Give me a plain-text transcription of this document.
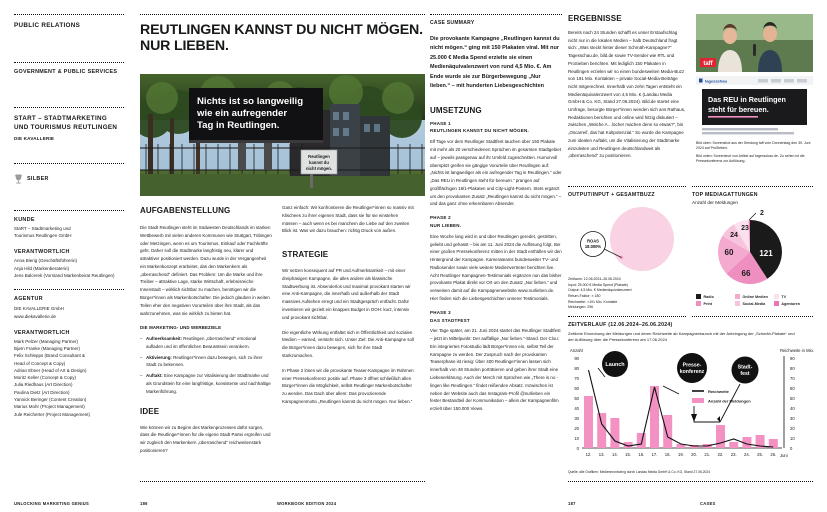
PUBLIC RELATIONS
GOVERNMENT & PUBLIC SERVICES
START – STADTMARKETING
UND TOURISMUS REUTLINGEN
DIE KAVALLERIE
SILBER
KUNDE
StaRT – Stadtmarketing und
Tourismus Reutlingen GmbH
VERANTWORTLICH
Anna Bierig (Geschäftsführerin)
Anja Hild (Markenberaterin)
Jens Balcerek (Vorstand Markenbeirat Reutlingen)
AGENTUR
DIE KAVALLERIE GmbH
www.diekavallerie.de
VERANTWORTLICH
Mark Pelzer (Managing Partner)
Bjørn Franke (Managing Partner)
Felix Schlepps (Brand Consultant &
Head of Concept & Copy)
Adrian Ebner (Head of Art & Design)
Moritz Keller (Concept & Copy)
Julia Riedhaus (Art Direction)
Paulina Dietz (Art Direction)
Yannick Beringer (Content Creation)
Marius Mohr (Project Management)
Jule Reicherter (Project Management)
REUTLINGEN KANNST DU NICHT MÖGEN. NUR LIEBEN.
Nichts ist so langweilig
wie ein aufregender
Tag in Reutlingen.
Reutlingen
kannst du
nicht mögen.
AUFGABENSTELLUNG

Die Stadt Reutlingen steht im Südwesten Deutschlands im starken Wettbewerb mit vielen anderen Kommunen wie Stuttgart, Tübingen oder Metzingen, wenn es um Tourismus, Einkauf oder Fachkräfte geht. Daher soll die Stadtmarke langfristig neu, klarer und attraktiver positioniert werden. Dazu wurde in der Vergangenheit ein Markenkonzept erarbeitet, das den Markenkern als „überraschend“ definiert. Das Problem: Um die Marke und ihre Treiber – attraktive Lage, starke Wirtschaft, erlebnisreiche Innenstadt – wirklich sichtbar zu machen, benötigen wir die Bürger*innen als Markenbotschafter. Die jedoch glauben in weiten Teilen eher den negativen Vorurteilen über ihre Stadt, als das wahrzunehmen, was sie wirklich zu bieten hat.

DIE MARKETING- UND WERBEZIELE
– Aufmerksamkeit: Reutlingen „überraschend“ emotional aufladen und im öffentlichen Bewusstsein verankern.
– Aktivierung: Reutlinger*innen dazu bewegen, sich zu ihrer Stadt zu bekennen.
– Auftakt: Eine Kampagne zur Vitalisierung der Stadtmarke und als Grundstein für eine langfristige, konsistente und nachhaltige Markenführung.
IDEE

Wie können wir zu Beginn des Markenprozesses dafür sorgen, dass die Reutlinger*innen für die eigene Stadt Partei ergreifen und wir zugleich den Markenkern „überraschend“ reichweitenstark positionieren?

Ganz einfach: Wir konfrontieren die Reutlinger*innen so massiv mit Klischees zu ihrer eigenen Stadt, dass sie für sie einstehen müssen – auch wenn es bei manchem die Liebe auf den zweiten Blick ist. Was wir dazu brauchen: richtig Druck von außen.

STRATEGIE

Wir setzen konsequent auf PR und Aufmerksamkeit – mit einer dreiphasigen Kampagne, die alles andere als klassische Stadtwerbung ist. Absenderlos und maximal provokant starten wir eine Anti-Kampagne, die innerhalb und außerhalb der Stadt massives Aufsehen erregt und ein Stadtgespräch entfacht. Dafür investieren wir gezielt ein knappes Budget in OOH: kurz, intensiv und provokant sichtbar.

Die eigentliche Wirkung entfaltet sich in Öffentlichkeit und sozialen Medien – earned, versteht sich. Unser Ziel: Die Anti-Kampagne soll die Bürger*innen dazu bewegen, sich für ihre Stadt starkzumachen.

In Phase 2 lösen wir die provokante Teaser-Kampagne im Rahmen einer Pressekonferenz positiv auf. Phase 3 öffnet schließlich allen Bürger*innen die Möglichkeit, selbst Reutlinger Markenbotschafter zu werden. Das Dach über allem: Das provozierende Kampagnenmotto „Reutlingen kannst du nicht mögen. Nur lieben.“

CASE SUMMARY
Die provokante Kampagne „Reutlingen kannst du nicht mögen.“ ging mit 150 Plakaten viral. Mit nur 25.000 € Media Spend erzielte sie einen Medienäquivalenzwert von rund 4,5 Mio. €. Am Ende wurde sie zur Bürgerbewegung „Nur lieben.“ – mit hunderten Liebesgeschichten
UMSETZUNG
PHASE 1
REUTLINGEN KANNST DU NICHT MÖGEN.

Elf Tage vor dem Reutlinger Stadtfest tauchen über 150 Plakate mit mehr als 20 verschiedenen Sprüchen im gesamten Stadtgebiet auf – jeweils passgenau auf ihr Umfeld zugeschnitten. Humorvoll überspitzt greifen sie gängige Vorurteile über Reutlingen auf: „Nichts ist langweiliger als ein aufregender Tag in Reutlingen.“ oder „Das REU in Reutlingen steht für bereuen.“ prangen auf großflächigen 18/1-Plakaten und City-Light-Postern. Stets ergänzt um den provokanten Zusatz „Reutlingen kannst du nicht mögen.“ – und das ganz ohne erkennbaren Absender.

PHASE 2
NUR LIEBEN.

Eine Woche lang wird in und über Reutlingen geredet, gestritten, geliebt und gehasst – bis am 11. Juni 2024 die Auflösung folgt. Bei einer großen Pressekonferenz mitten in der Stadt enthüllen wir den Hintergrund der Kampagne. Kamerateams bundesweiter TV- und Radiosender sowie viele weitere Medienvertreter berichten live. Acht Reutlinger Kampagnen-Testimonials ergänzen nun das bisher provokante Plakat direkt vor Ort um den Zusatz „Nur lieben.“ und verweisen damit auf die Kampagnenwebsite www.nurlieben.de. Hier finden sich die Liebesgeschichten unserer Testimonials.

PHASE 3
DAS STADTFEST

Vier Tage später, am 21. Juni 2024 startet das Reutlinger Stadtfest – jetzt im Mittelpunkt: Der auffällige „Nur lieben.“-Stand. Der Clou: Ein integriertes Fotostudio lädt Bürger*innen ein, selbst Teil der Kampagne zu werden. Der Zuspruch nach der provokanten Teaserphase ist riesig: Über 400 Reutlinger*innen lassen sich innerhalb von 48 Stunden porträtieren und geben ihrer Stadt eine Liebeserklärung. Auch der Merch mit Sprüchen wie „There is no -lingen like Reutlingen.“ findet reißenden Absatz. Inzwischen ist neben der Website auch das Instagram-Profil @nurlieben ein fester Bestandteil der Kommunikation – allein der Kampagnenfilm erzielt über 150.000 Views.

ERGEBNISSE
Bereits nach 24 Stunden schafft es unser Erstaufschlag nicht nur in die lokalen Medien – halb Deutschland fragt sich: „Was steckt hinter dieser Schmäh-Kampagne?“ Tagesschau.de, bild.de sowie TV-Sender wie RTL und ProSieben berichten. Mit lediglich 150 Plakaten in Reutlingen erzielen wir so einen bundesweiten Media-Buzz von 191 Mio. Kontakten – private Social-Media-Beiträge nicht mitgerechnet. Innerhalb von zehn Tagen entsteht ein Medienäquivalenzwert von 4,5 Mio. € (Landau Media GmbH & Co. KG, Stand 27.06.2024). Bild.de startet eine Umfrage, besorgte Bürger*innen wenden sich ans Rathaus, Redaktionen berichten und online wird hitzig diskutiert – zwischen „Welche A…löcher machen denn so etwas?“, bis „Oscarreif, das hat Kultpotenzial.“ So wurde die Kampagne zum idealen Auftakt, um die Vitalisierung der Stadtmarke einzuleiten und Reutlingen deutschlandweit als „überraschend“ zu positionieren.
taff
tagesschau
Das REU in Reutlingen
steht für bereuen.
Bild oben: Screenshot aus der Sendung taff vom Donnerstag den 30. Juni 2024 auf ProSieben.
Bild unten: Screenshot von Artikel auf tagesschau.de. Zu sehen ist die Pressekonferenz zur Auflösung.
OUTPUT/INPUT + GESAMTBUZZ
ROAS
18.000%
Zeitraum: 12.06.2024–26.06.2024
Input: 25.000 € Media Spend (Plakate)
Output: 4,5 Mio. € Medienäquivalenzwert
Return-Faktor: × 180
Reichweite: >191 Mio. Kontakte
Meldungen: 296
TOP MEDIAGATTUNGEN
Anzahl der Meldungen
121
66
60
24
23
2
Radio	Online Medien	TV
Print	Social-Media	Agenturen
ZEITVERLAUF (12.06.2024–26.06.2024)
Zeitliche Einordnung der Meldungen und deren Reichweite ab Kampagnenlaunch mit der Anbringung der „Schmäh-Plakate“ und der Auflösung über die Pressekonferenz am 17.06.2024
Anzahl	Reichweite in Mio.
90
80
70
60
50
40
30
20
10
0
90
80
70
60
50
40
30
20
10
0
12. 13. 14. 15. 16. 17. 18. 19. 20. 21. 22. 23. 24. 25. 26. Juni
Launch	Presse-
konferenz
Stadt-
fest
Reichweite
Anzahl der Meldungen
Quelle: alle Grafiken: Medienmonitoring durch Landau Media GmbH & Co. KG, Stand 27.06.2024
UNLOCKING MARKETING GENIUS	186	WORKBOOK EDITION 2024	187	CASES
